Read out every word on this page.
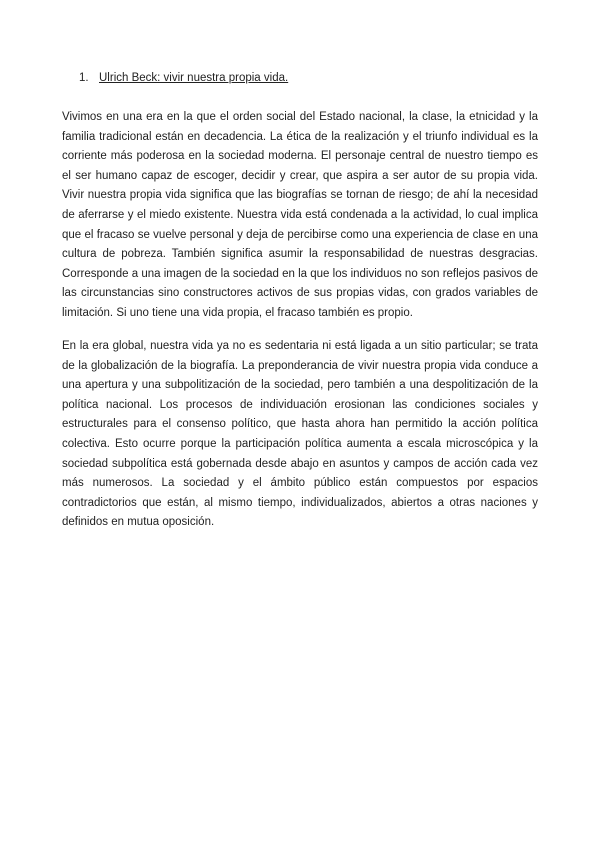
1. Ulrich Beck: vivir nuestra propia vida.

Vivimos en una era en la que el orden social del Estado nacional, la clase, la etnicidad y la familia tradicional están en decadencia. La ética de la realización y el triunfo individual es la corriente más poderosa en la sociedad moderna. El personaje central de nuestro tiempo es el ser humano capaz de escoger, decidir y crear, que aspira a ser autor de su propia vida. Vivir nuestra propia vida significa que las biografías se tornan de riesgo; de ahí la necesidad de aferrarse y el miedo existente. Nuestra vida está condenada a la actividad, lo cual implica que el fracaso se vuelve personal y deja de percibirse como una experiencia de clase en una cultura de pobreza. También significa asumir la responsabilidad de nuestras desgracias. Corresponde a una imagen de la sociedad en la que los individuos no son reflejos pasivos de las circunstancias sino constructores activos de sus propias vidas, con grados variables de limitación. Si uno tiene una vida propia, el fracaso también es propio.

En la era global, nuestra vida ya no es sedentaria ni está ligada a un sitio particular; se trata de la globalización de la biografía. La preponderancia de vivir nuestra propia vida conduce a una apertura y una subpolitización de la sociedad, pero también a una despolitización de la política nacional. Los procesos de individuación erosionan las condiciones sociales y estructurales para el consenso político, que hasta ahora han permitido la acción política colectiva. Esto ocurre porque la participación política aumenta a escala microscópica y la sociedad subpolítica está gobernada desde abajo en asuntos y campos de acción cada vez más numerosos. La sociedad y el ámbito público están compuestos por espacios contradictorios que están, al mismo tiempo, individualizados, abiertos a otras naciones y definidos en mutua oposición.
